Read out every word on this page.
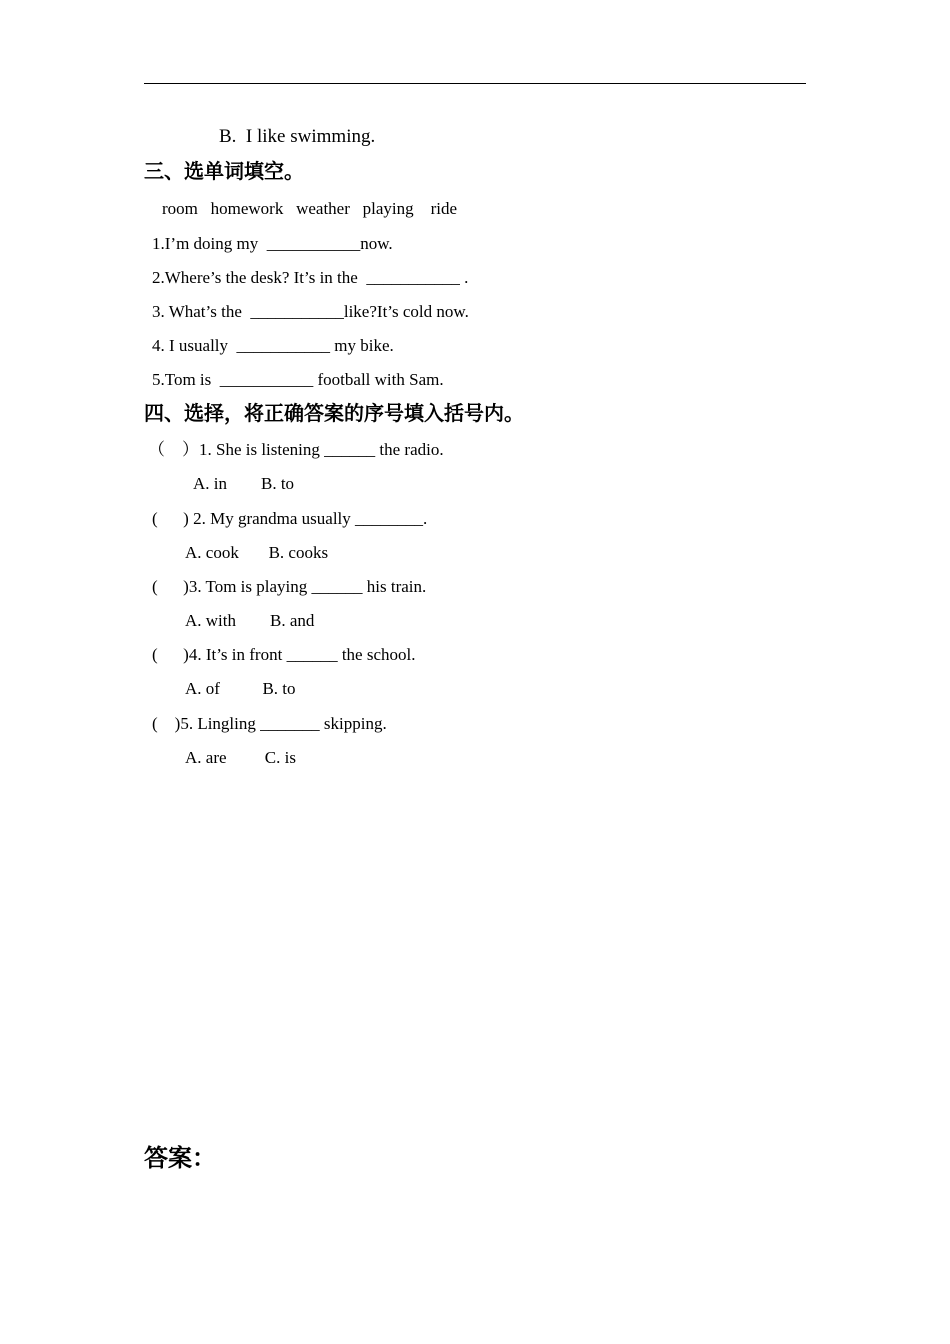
B.  I like swimming.
三、选单词填空。
room   homework   weather   playing    ride
1.I’m doing my  ___________now.
2.Where’s the desk? It’s in the  ___________ .
3. What’s the  ___________like?It’s cold now.
4. I usually  ___________ my bike.
5.Tom is  ___________ football with Sam.
四、选择，将正确答案的序号填入括号内。
（    ）1. She is listening ______ the radio.
A. in        B. to
(      ) 2. My grandma usually ________.
A. cook       B. cooks
(      )3. Tom is playing ______ his train.
A. with        B. and
(      )4. It’s in front ______ the school.
A. of          B. to
(    )5. Lingling _______ skipping.
A. are         C. is
答案：
